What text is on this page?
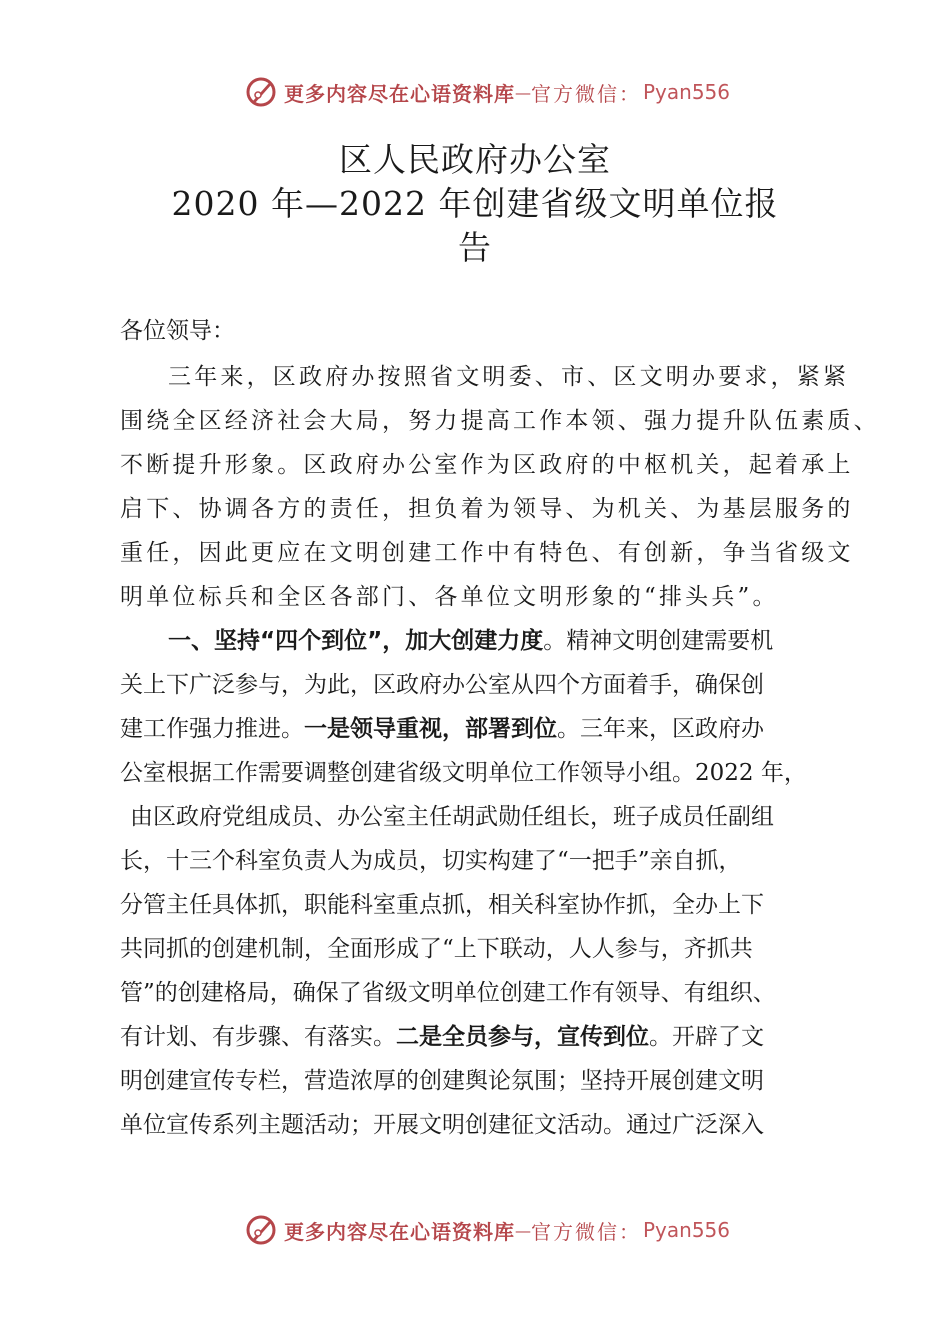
更多内容尽在心语资料库 — 官方微信： Pyan556
区人民政府办公室
2020 年—2022 年创建省级文明单位报
告
各位领导：
三年来，区政府办按照省文明委、市、区文明办要求，紧紧
围绕全区经济社会大局，努力提高工作本领、强力提升队伍素质、
不断提升形象。区政府办公室作为区政府的中枢机关，起着承上
启下、协调各方的责任，担负着为领导、为机关、为基层服务的
重任，因此更应在文明创建工作中有特色、有创新，争当省级文
明单位标兵和全区各部门、各单位文明形象的“排头兵”。
一、坚持“四个到位”，加大创建力度。精神文明创建需要机
关上下广泛参与，为此，区政府办公室从四个方面着手，确保创
建工作强力推进。一是领导重视，部署到位。三年来，区政府办
公室根据工作需要调整创建省级文明单位工作领导小组。2022 年，
由区政府党组成员、办公室主任胡武勋任组长，班子成员任副组
长，十三个科室负责人为成员，切实构建了“一把手”亲自抓，
分管主任具体抓，职能科室重点抓，相关科室协作抓，全办上下
共同抓的创建机制，全面形成了“上下联动，人人参与，齐抓共
管”的创建格局，确保了省级文明单位创建工作有领导、有组织、
有计划、有步骤、有落实。二是全员参与，宣传到位。开辟了文
明创建宣传专栏，营造浓厚的创建舆论氛围；坚持开展创建文明
单位宣传系列主题活动；开展文明创建征文活动。通过广泛深入
更多内容尽在心语资料库 — 官方微信： Pyan556
